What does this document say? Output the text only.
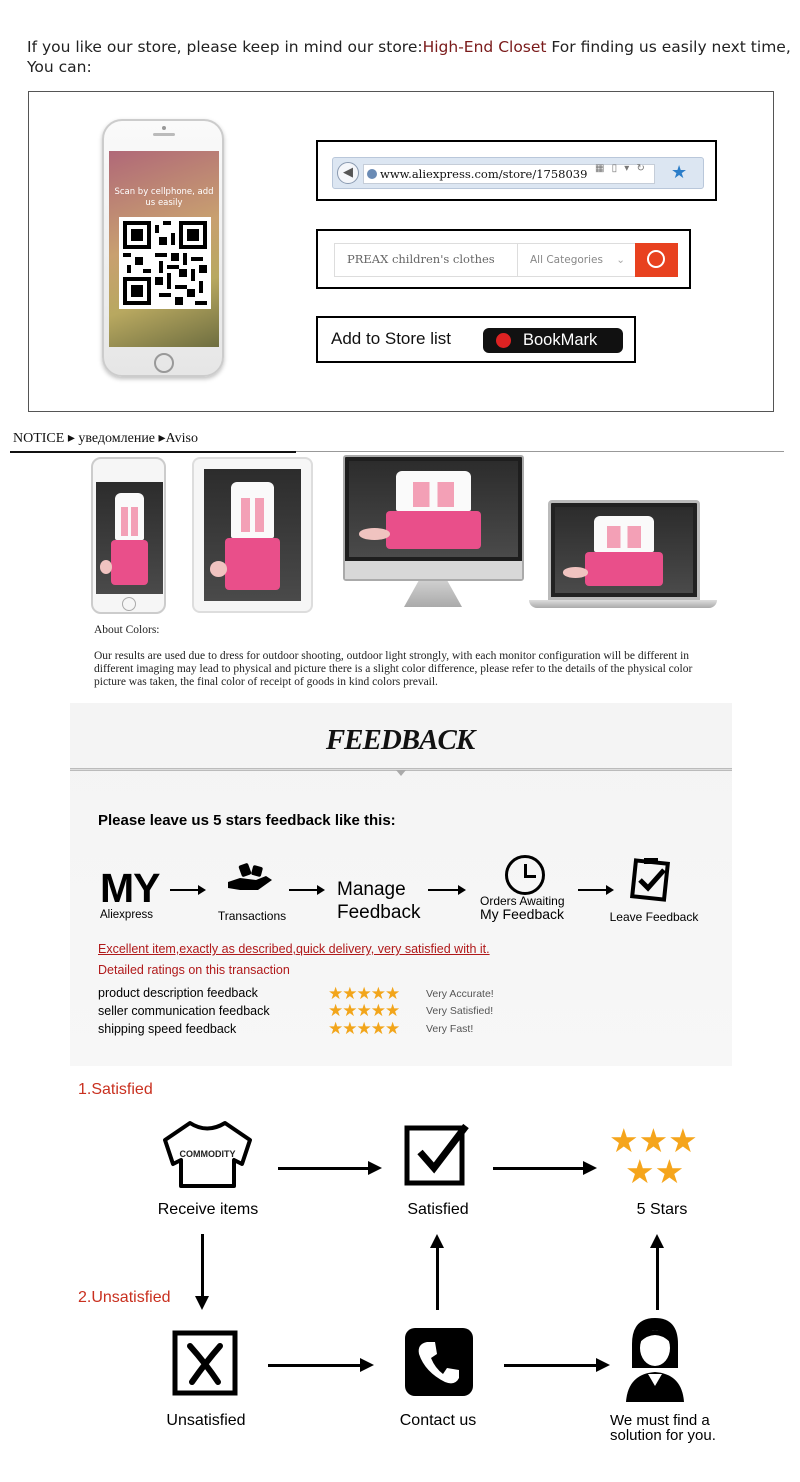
If you like our store, please keep in mind our store:High-End Closet For finding us easily next time,
You can:
Scan by cellphone, add us easily
◀	www.aliexpress.com/store/1758039 ▦ ▯ ▾ ↻ ★
PREAX children's clothes	All Categories ⌄
Add to Store list	BookMark
NOTICE ▸ уведомление ▸Aviso
About Colors:
Our results are used due to dress for outdoor shooting, outdoor light strongly, with each monitor configuration will be different in different imaging may lead to physical and picture there is a slight color difference, please refer to the details of the physical color picture was taken, the final color of receipt of goods in kind colors prevail.
FEEDBACK
Please leave us 5 stars feedback like this:
MY
Aliexpress	Transactions
Manage
Feedback
Orders Awaiting
My Feedback	Leave Feedback
Excellent item,exactly as described,quick delivery, very satisfied with it.
Detailed ratings on this transaction
product description feedback	★★★★★	Very Accurate!
seller communication feedback	★★★★★	Very Satisfied!
shipping speed feedback	★★★★★	Very Fast!
1.Satisfied
2.Unsatisfied
COMMODITY
Receive items	Satisfied
★★★
★★
5 Stars
Unsatisfied	Contact us	We must find a solution for you.
